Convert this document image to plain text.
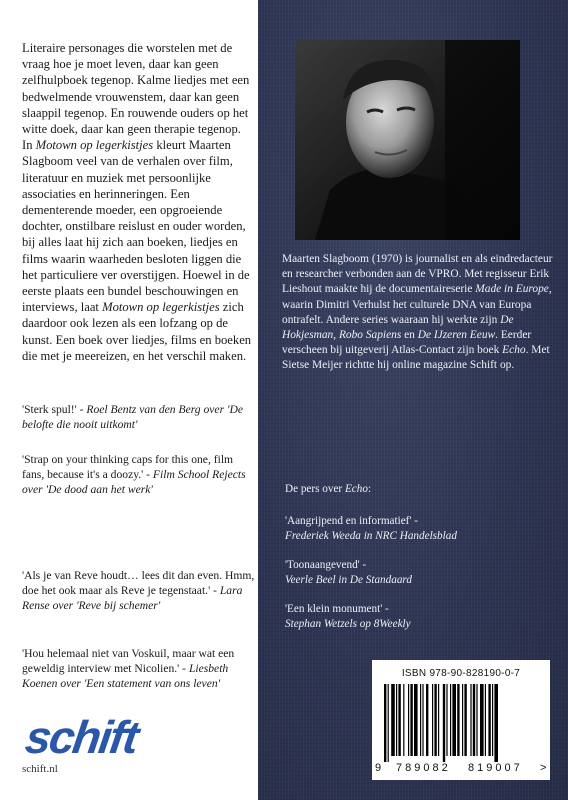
Literaire personages die worstelen met de vraag hoe je moet leven, daar kan geen zelfhulpboek tegenop. Kalme liedjes met een bedwelmende vrouwenstem, daar kan geen slaappil tegenop. En rouwende ouders op het witte doek, daar kan geen therapie tegenop. In Motown op legerkistjes kleurt Maarten Slagboom veel van de verhalen over film, literatuur en muziek met persoonlijke associaties en herinneringen. Een dementerende moeder, een opgroeiende dochter, onstilbare reislust en ouder worden, bij alles laat hij zich aan boeken, liedjes en films waarin waarheden besloten liggen die het particuliere ver overstijgen. Hoewel in de eerste plaats een bundel beschouwingen en interviews, laat Motown op legerkistjes zich daardoor ook lezen als een lofzang op de kunst. Een boek over liedjes, films en boeken die met je meereizen, en het verschil maken.

'Sterk spul!' - Roel Bentz van den Berg over 'De belofte die nooit uitkomt'

'Strap on your thinking caps for this one, film fans, because it's a doozy.' - Film School Rejects over 'De dood aan het werk'

'Als je van Reve houdt… lees dit dan even. Hmm, doe het ook maar als Reve je tegenstaat.' - Lara Rense over 'Reve bij schemer'

'Hou helemaal niet van Voskuil, maar wat een geweldig interview met Nicolien.' - Liesbeth Koenen over 'Een statement van ons leven'

schift
schift.nl

Maarten Slagboom (1970) is journalist en als eindredacteur en researcher verbonden aan de VPRO. Met regisseur Erik Lieshout maakte hij de documentaireserie Made in Europe, waarin Dimitri Verhulst het culturele DNA van Europa ontrafelt. Andere series waaraan hij werkte zijn De Hokjesman, Robo Sapiens en De IJzeren Eeuw. Eerder verscheen bij uitgeverij Atlas-Contact zijn boek Echo. Met Sietse Meijer richtte hij online magazine Schift op.

De pers over Echo:

'Aangrijpend en informatief' -
Frederiek Weeda in NRC Handelsblad

'Toonaangevend' -
Veerle Beel in De Standaard

'Een klein monument' -
Stephan Wetzels op 8Weekly

ISBN 978-90-828190-0-7
9 789082 819007 >
